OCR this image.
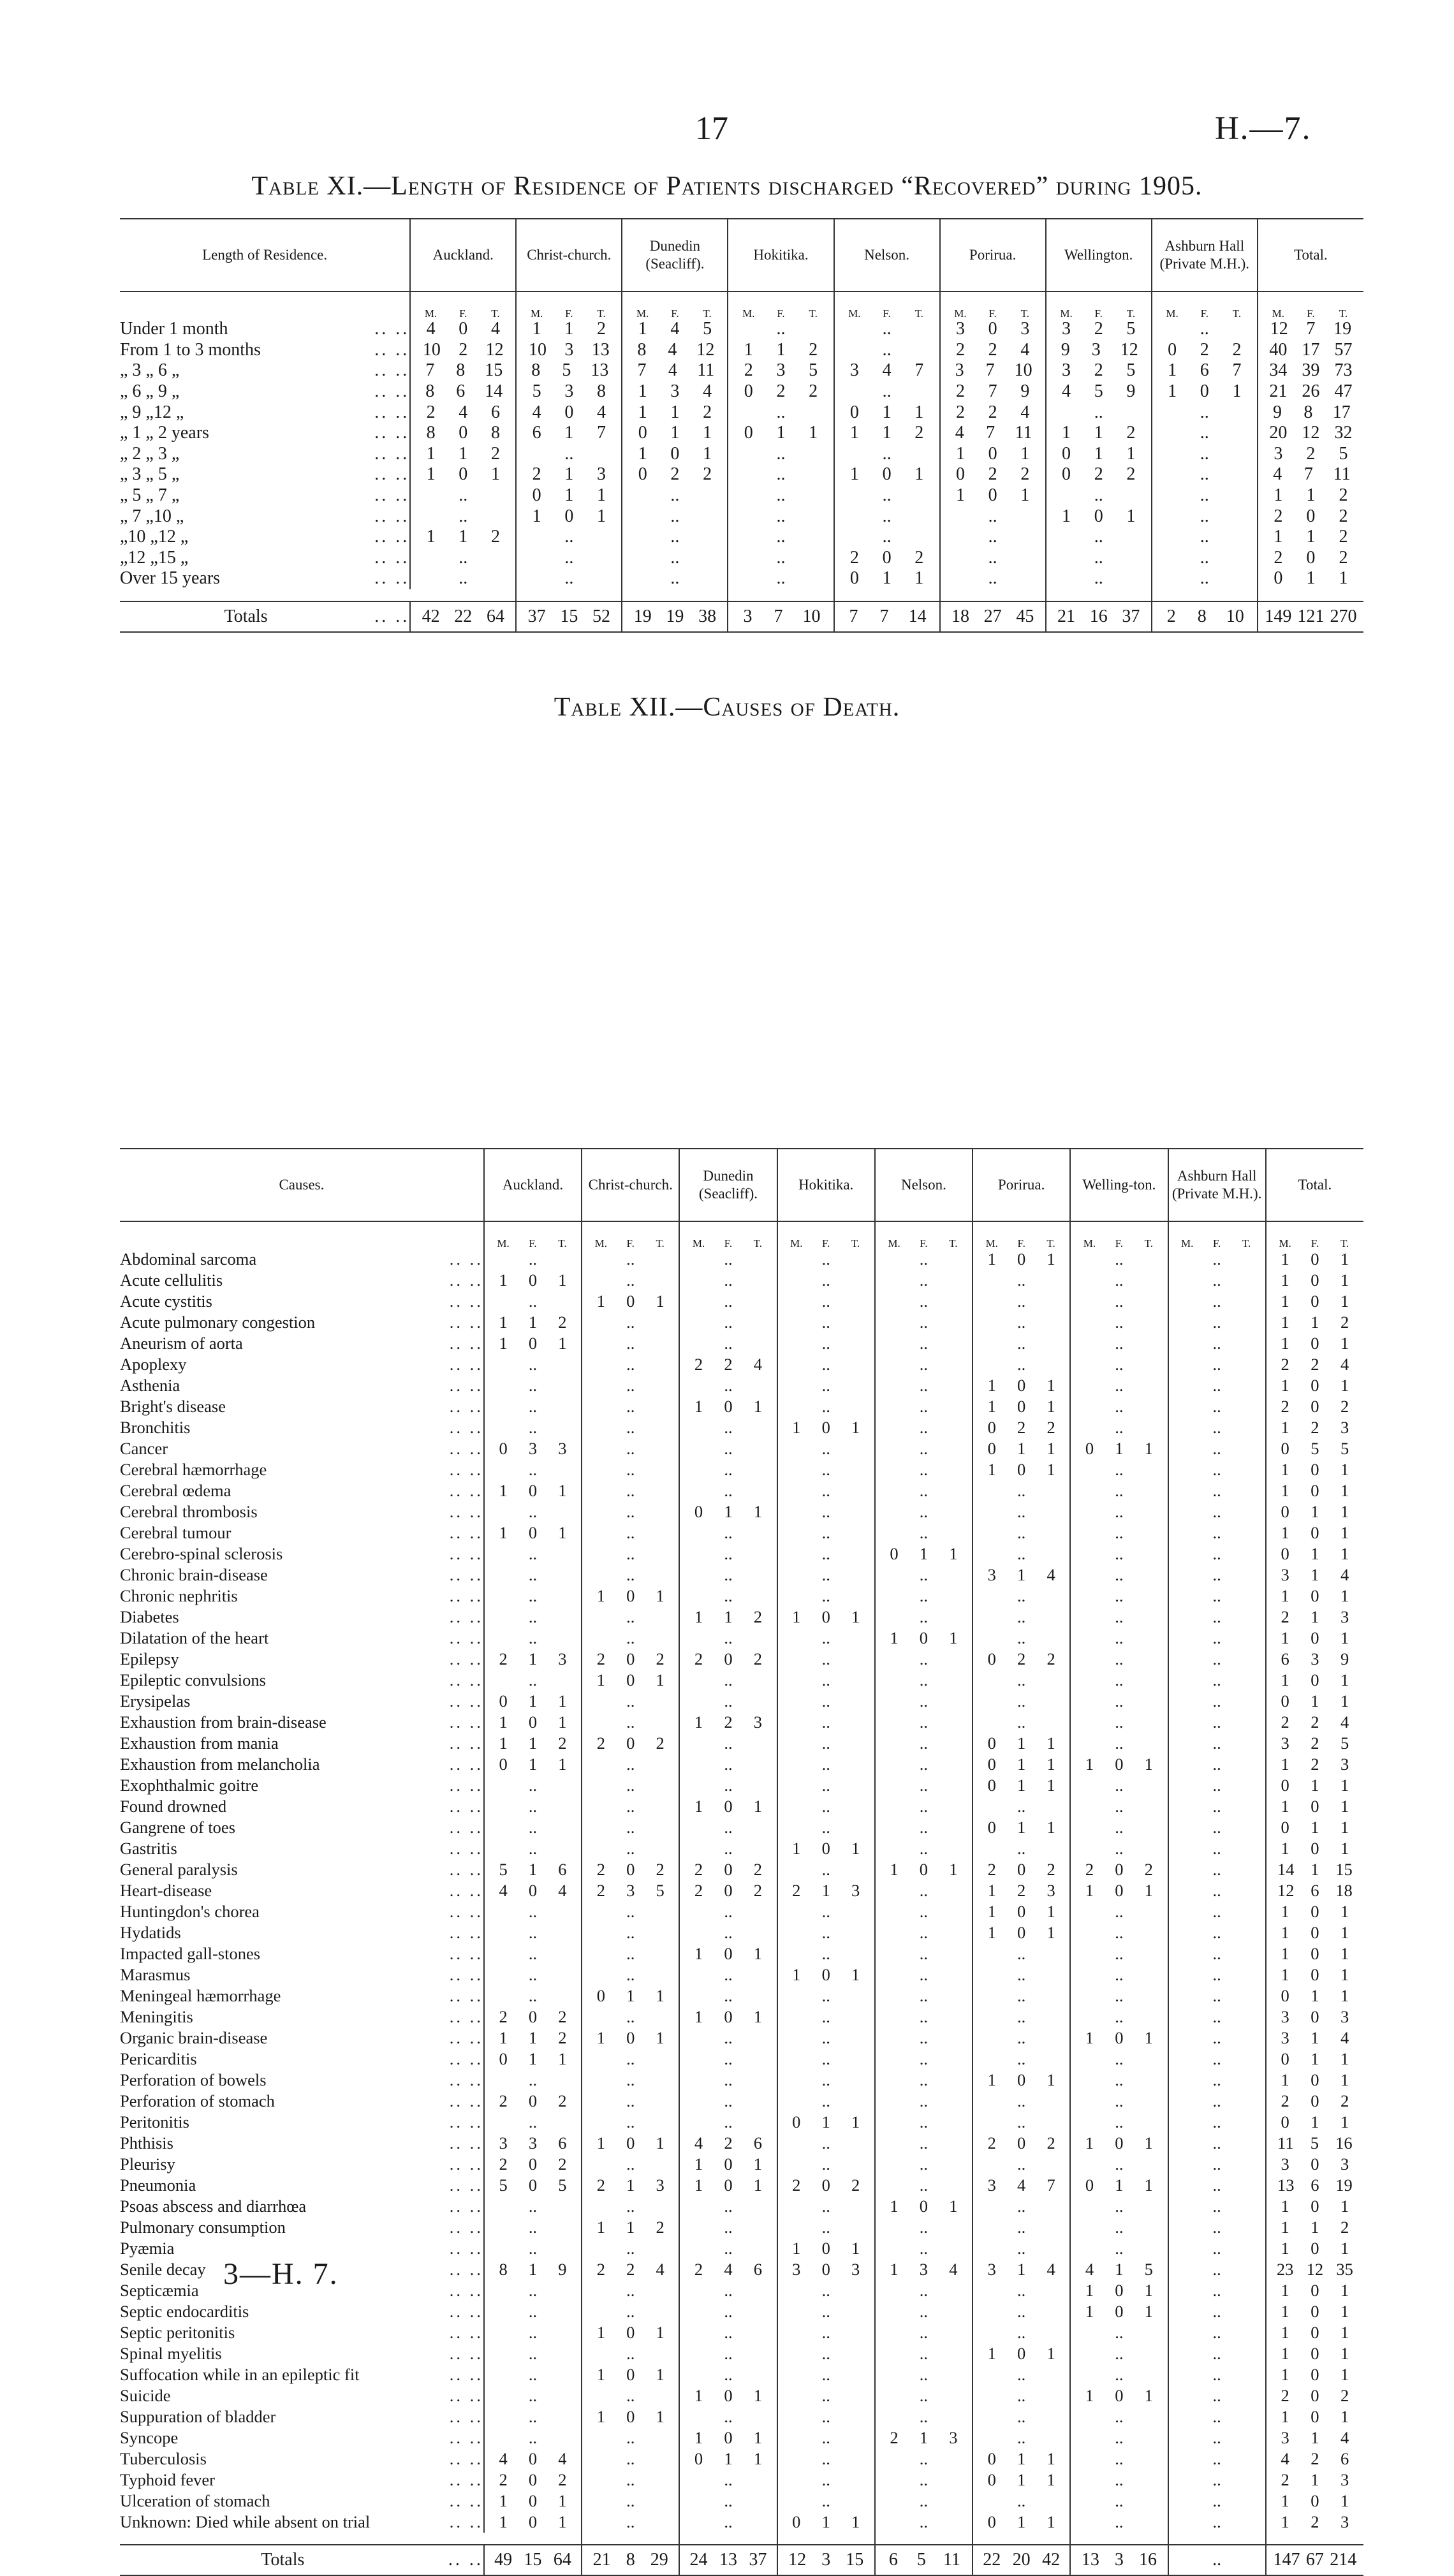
17	H.—7.
Table XI.—Length of Residence of Patients discharged “Recovered” during 1905.
Length of Residence.		Auckland.	Christ-church.	Dunedin (Seacliff).	Hokitika.	Nelson.	Porirua.	Wellington.	Ashburn Hall (Private M.H.).	Total.

		M. F. T.	M. F. T.	M. F. T.	M. F. T.	M. F. T.	M. F. T.	M. F. T.	M. F. T.	M. F. T.

Under 1 month	.. ..	4 0 4	1 1 2	1 4 5	..	..	3 0 3	3 2 5	..	12 7 19

From 1 to 3 months	.. ..	10 2 12	10 3 13	8 4 12	1 1 2	..	2 2 4	9 3 12	0 2 2	40 17 57

„ 3 „ 6 „	.. ..	7 8 15	8 5 13	7 4 11	2 3 5	3 4 7	3 7 10	3 2 5	1 6 7	34 39 73

„ 6 „ 9 „	.. ..	8 6 14	5 3 8	1 3 4	0 2 2	..	2 7 9	4 5 9	1 0 1	21 26 47

„ 9 „12 „	.. ..	2 4 6	4 0 4	1 1 2	..	0 1 1	2 2 4	..	..	9 8 17

„ 1 „ 2 years	.. ..	8 0 8	6 1 7	0 1 1	0 1 1	1 1 2	4 7 11	1 1 2	..	20 12 32

„ 2 „ 3 „	.. ..	1 1 2	..	1 0 1	..	..	1 0 1	0 1 1	..	3 2 5

„ 3 „ 5 „	.. ..	1 0 1	2 1 3	0 2 2	..	1 0 1	0 2 2	0 2 2	..	4 7 11

„ 5 „ 7 „	.. ..	..	0 1 1	..	..	..	1 0 1	..	..	1 1 2

„ 7 „10 „	.. ..	..	1 0 1	..	..	..	..	1 0 1	..	2 0 2

„10 „12 „	.. ..	1 1 2	..	..	..	..	..	..	..	1 1 2

„12 „15 „	.. ..	..	..	..	..	2 0 2	..	..	..	2 0 2

Over 15 years	.. ..	..	..	..	..	0 1 1	..	..	..	0 1 1

Totals	.. ..	42 22 64	37 15 52	19 19 38	3 7 10	7 7 14	18 27 45	21 16 37	2 8 10	149 121 270
Table XII.—Causes of Death.
Causes.		Auckland.	Christ-church.	Dunedin (Seacliff).	Hokitika.	Nelson.	Porirua.	Welling-ton.	Ashburn Hall (Private M.H.).	Total.

		M. F. T.	M. F. T.	M. F. T.	M. F. T.	M. F. T.	M. F. T.	M. F. T.	M. F. T.	M. F. T.

Abdominal sarcoma	.. ..	..	..	..	..	..	1 0 1	..	..	1 0 1

Acute cellulitis	.. ..	1 0 1	..	..	..	..	..	..	..	1 0 1

Acute cystitis	.. ..	..	1 0 1	..	..	..	..	..	..	1 0 1

Acute pulmonary congestion	.. ..	1 1 2	..	..	..	..	..	..	..	1 1 2

Aneurism of aorta	.. ..	1 0 1	..	..	..	..	..	..	..	1 0 1

Apoplexy	.. ..	..	..	2 2 4	..	..	..	..	..	2 2 4

Asthenia	.. ..	..	..	..	..	..	1 0 1	..	..	1 0 1

Bright's disease	.. ..	..	..	1 0 1	..	..	1 0 1	..	..	2 0 2

Bronchitis	.. ..	..	..	..	1 0 1	..	0 2 2	..	..	1 2 3

Cancer	.. ..	0 3 3	..	..	..	..	0 1 1	0 1 1	..	0 5 5

Cerebral hæmorrhage	.. ..	..	..	..	..	..	1 0 1	..	..	1 0 1

Cerebral œdema	.. ..	1 0 1	..	..	..	..	..	..	..	1 0 1

Cerebral thrombosis	.. ..	..	..	0 1 1	..	..	..	..	..	0 1 1

Cerebral tumour	.. ..	1 0 1	..	..	..	..	..	..	..	1 0 1

Cerebro-spinal sclerosis	.. ..	..	..	..	..	0 1 1	..	..	..	0 1 1

Chronic brain-disease	.. ..	..	..	..	..	..	3 1 4	..	..	3 1 4

Chronic nephritis	.. ..	..	1 0 1	..	..	..	..	..	..	1 0 1

Diabetes	.. ..	..	..	1 1 2	1 0 1	..	..	..	..	2 1 3

Dilatation of the heart	.. ..	..	..	..	..	1 0 1	..	..	..	1 0 1

Epilepsy	.. ..	2 1 3	2 0 2	2 0 2	..	..	0 2 2	..	..	6 3 9

Epileptic convulsions	.. ..	..	1 0 1	..	..	..	..	..	..	1 0 1

Erysipelas	.. ..	0 1 1	..	..	..	..	..	..	..	0 1 1

Exhaustion from brain-disease	.. ..	1 0 1	..	1 2 3	..	..	..	..	..	2 2 4

Exhaustion from mania	.. ..	1 1 2	2 0 2	..	..	..	0 1 1	..	..	3 2 5

Exhaustion from melancholia	.. ..	0 1 1	..	..	..	..	0 1 1	1 0 1	..	1 2 3

Exophthalmic goitre	.. ..	..	..	..	..	..	0 1 1	..	..	0 1 1

Found drowned	.. ..	..	..	1 0 1	..	..	..	..	..	1 0 1

Gangrene of toes	.. ..	..	..	..	..	..	0 1 1	..	..	0 1 1

Gastritis	.. ..	..	..	..	1 0 1	..	..	..	..	1 0 1

General paralysis	.. ..	5 1 6	2 0 2	2 0 2	..	1 0 1	2 0 2	2 0 2	..	14 1 15

Heart-disease	.. ..	4 0 4	2 3 5	2 0 2	2 1 3	..	1 2 3	1 0 1	..	12 6 18

Huntingdon's chorea	.. ..	..	..	..	..	..	1 0 1	..	..	1 0 1

Hydatids	.. ..	..	..	..	..	..	1 0 1	..	..	1 0 1

Impacted gall-stones	.. ..	..	..	1 0 1	..	..	..	..	..	1 0 1

Marasmus	.. ..	..	..	..	1 0 1	..	..	..	..	1 0 1

Meningeal hæmorrhage	.. ..	..	0 1 1	..	..	..	..	..	..	0 1 1

Meningitis	.. ..	2 0 2	..	1 0 1	..	..	..	..	..	3 0 3

Organic brain-disease	.. ..	1 1 2	1 0 1	..	..	..	..	1 0 1	..	3 1 4

Pericarditis	.. ..	0 1 1	..	..	..	..	..	..	..	0 1 1

Perforation of bowels	.. ..	..	..	..	..	..	1 0 1	..	..	1 0 1

Perforation of stomach	.. ..	2 0 2	..	..	..	..	..	..	..	2 0 2

Peritonitis	.. ..	..	..	..	0 1 1	..	..	..	..	0 1 1

Phthisis	.. ..	3 3 6	1 0 1	4 2 6	..	..	2 0 2	1 0 1	..	11 5 16

Pleurisy	.. ..	2 0 2	..	1 0 1	..	..	..	..	..	3 0 3

Pneumonia	.. ..	5 0 5	2 1 3	1 0 1	2 0 2	..	3 4 7	0 1 1	..	13 6 19

Psoas abscess and diarrhœa	.. ..	..	..	..	..	1 0 1	..	..	..	1 0 1

Pulmonary consumption	.. ..	..	1 1 2	..	..	..	..	..	..	1 1 2

Pyæmia	.. ..	..	..	..	1 0 1	..	..	..	..	1 0 1

Senile decay	.. ..	8 1 9	2 2 4	2 4 6	3 0 3	1 3 4	3 1 4	4 1 5	..	23 12 35

Septicæmia	.. ..	..	..	..	..	..	..	1 0 1	..	1 0 1

Septic endocarditis	.. ..	..	..	..	..	..	..	1 0 1	..	1 0 1

Septic peritonitis	.. ..	..	1 0 1	..	..	..	..	..	..	1 0 1

Spinal myelitis	.. ..	..	..	..	..	..	1 0 1	..	..	1 0 1

Suffocation while in an epileptic fit	.. ..	..	1 0 1	..	..	..	..	..	..	1 0 1

Suicide	.. ..	..	..	1 0 1	..	..	..	1 0 1	..	2 0 2

Suppuration of bladder	.. ..	..	1 0 1	..	..	..	..	..	..	1 0 1

Syncope	.. ..	..	..	1 0 1	..	2 1 3	..	..	..	3 1 4

Tuberculosis	.. ..	4 0 4	..	0 1 1	..	..	0 1 1	..	..	4 2 6

Typhoid fever	.. ..	2 0 2	..	..	..	..	0 1 1	..	..	2 1 3

Ulceration of stomach	.. ..	1 0 1	..	..	..	..	..	..	..	1 0 1

Unknown: Died while absent on trial	.. ..	1 0 1	..	..	0 1 1	..	0 1 1	..	..	1 2 3

Totals	.. ..	49 15 64	21 8 29	24 13 37	12 3 15	6 5 11	22 20 42	13 3 16	..	147 67 214
3—H. 7.
